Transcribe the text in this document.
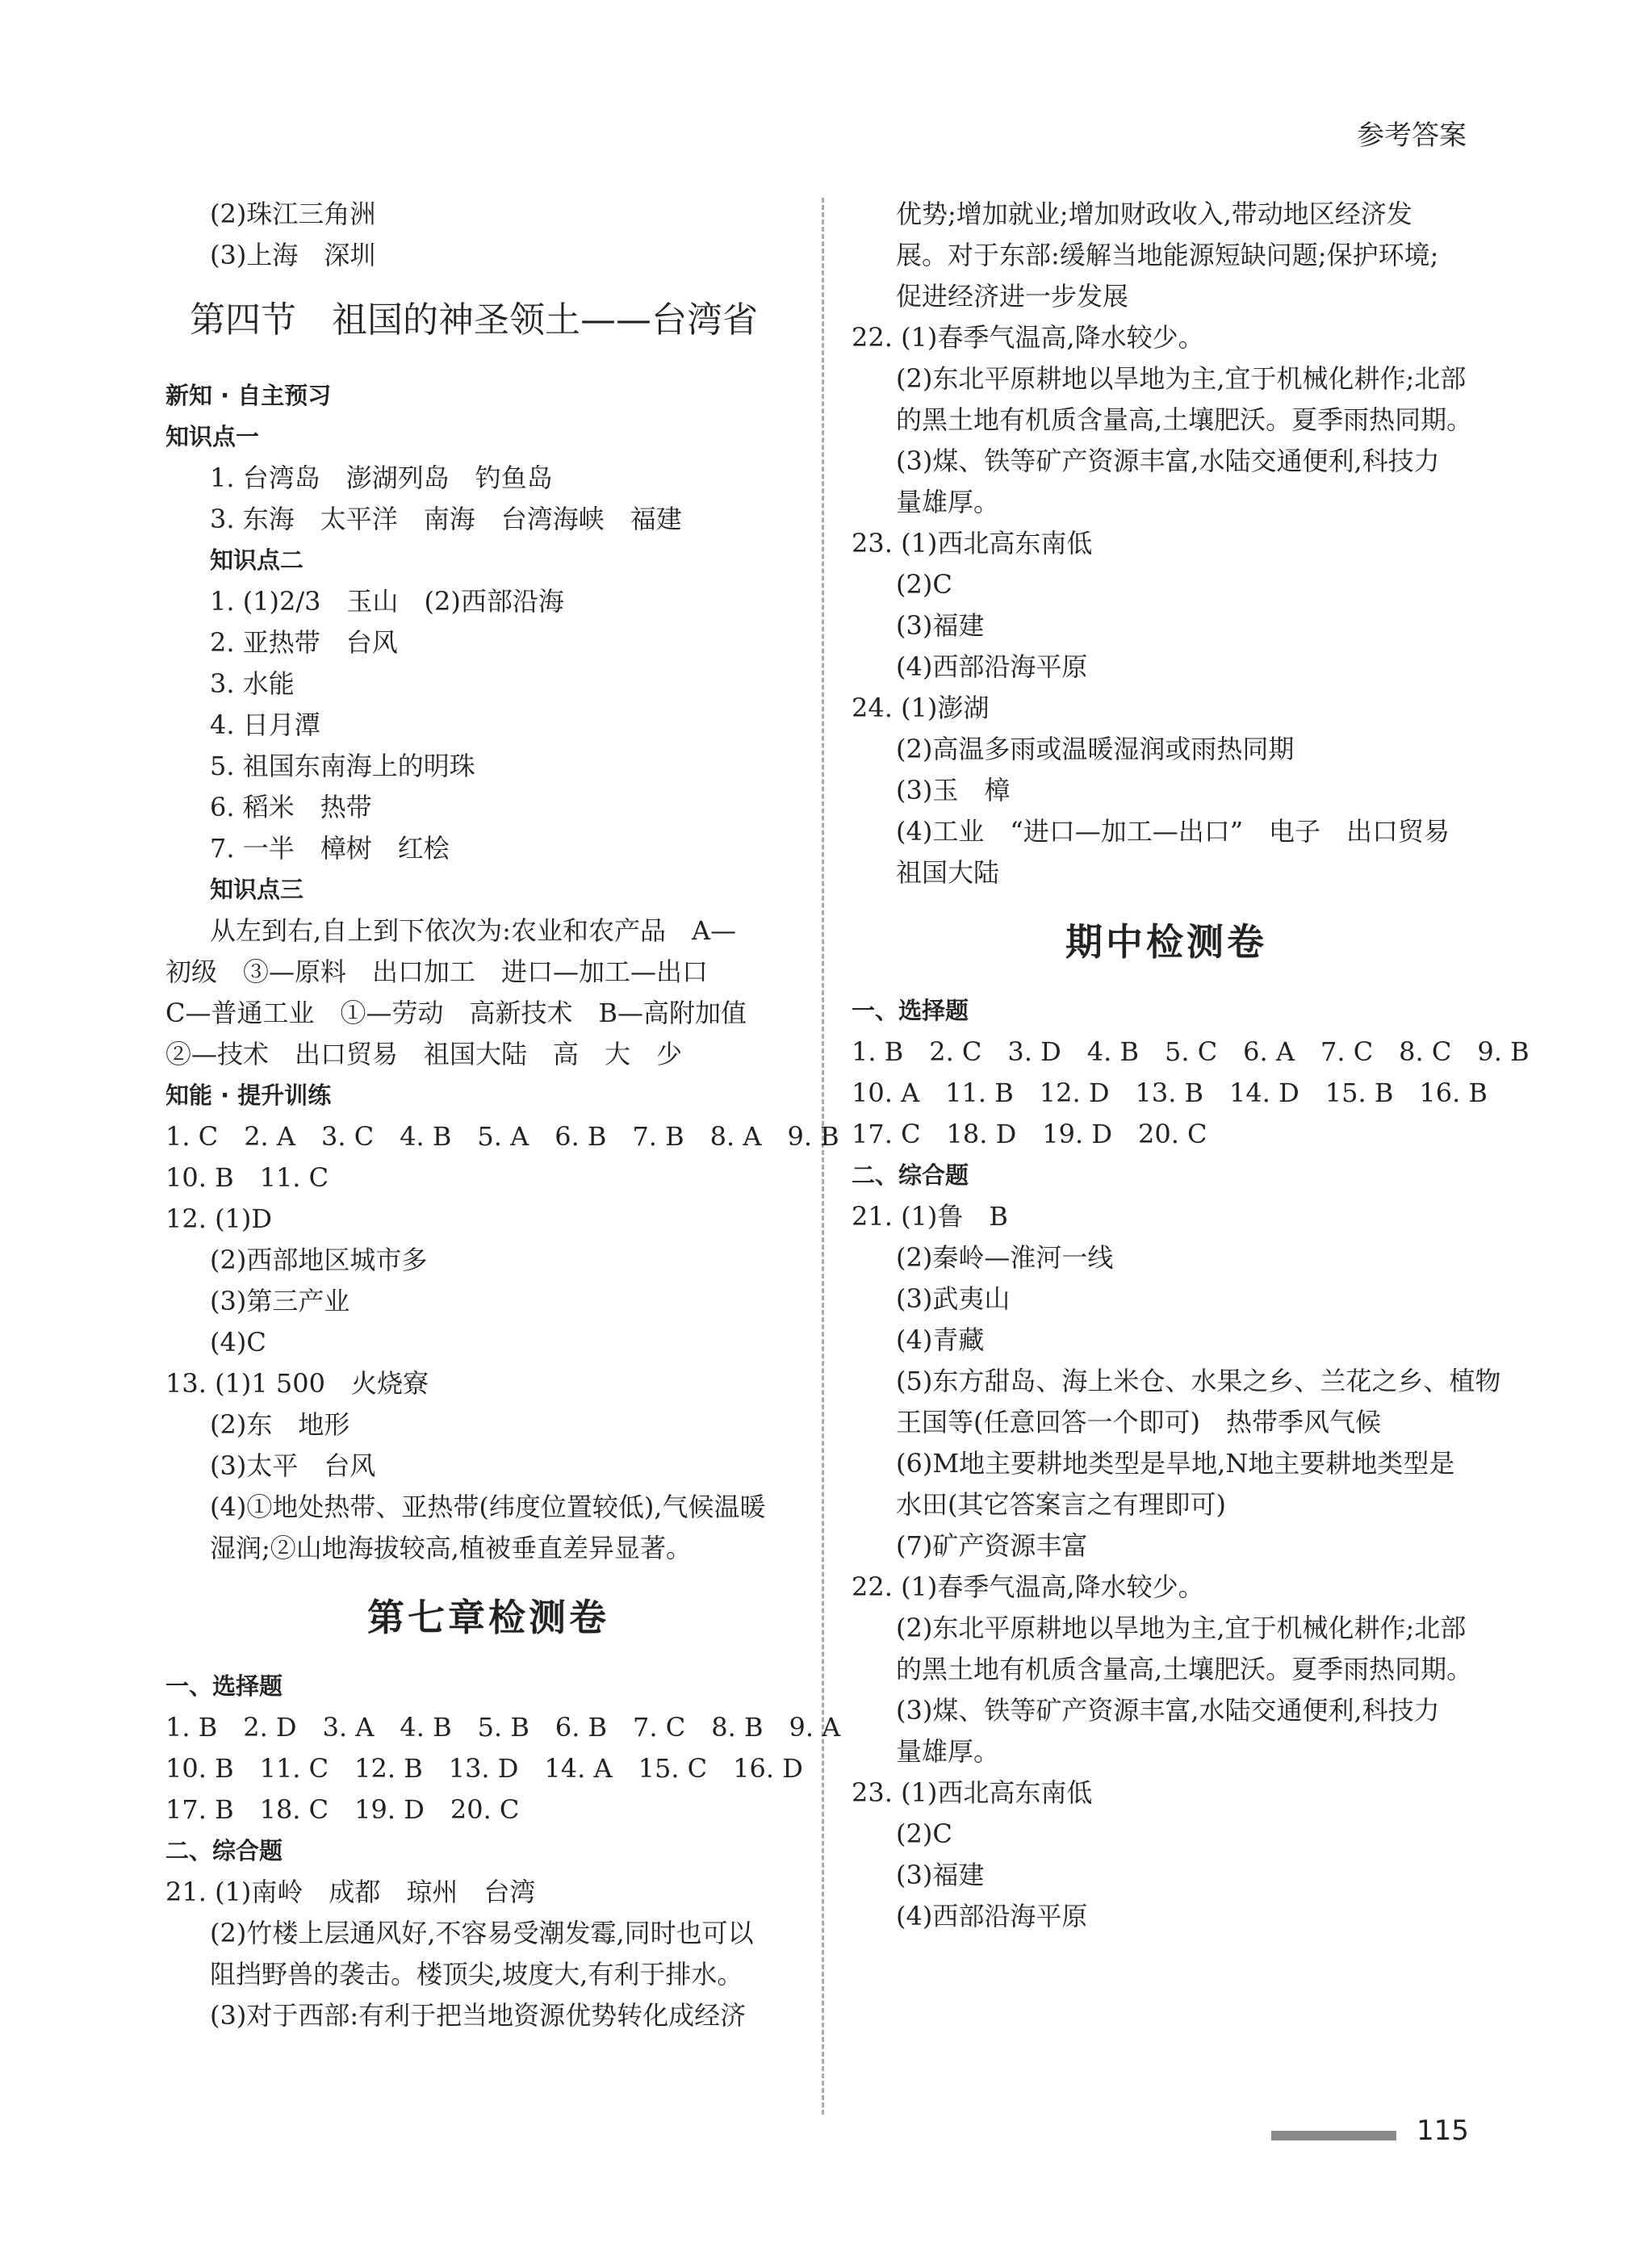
参考答案
(2)珠江三角洲
(3)上海　深圳
第四节　祖国的神圣领土——台湾省
新知 · 自主预习
知识点一
1. 台湾岛　澎湖列岛　钓鱼岛
3. 东海　太平洋　南海　台湾海峡　福建
知识点二
1. (1)2/3　玉山　(2)西部沿海
2. 亚热带　台风
3. 水能
4. 日月潭
5. 祖国东南海上的明珠
6. 稻米　热带
7. 一半　樟树　红桧
知识点三
从左到右,自上到下依次为:农业和农产品　A—
初级　③—原料　出口加工　进口—加工—出口
C—普通工业　①—劳动　高新技术　B—高附加值
②—技术　出口贸易　祖国大陆　高　大　少
知能 · 提升训练
1. C　2. A　3. C　4. B　5. A　6. B　7. B　8. A　9. B
10. B　11. C
12. (1)D
(2)西部地区城市多
(3)第三产业
(4)C
13. (1)1 500　火烧寮
(2)东　地形
(3)太平　台风
(4)①地处热带、亚热带(纬度位置较低),气候温暖
湿润;②山地海拔较高,植被垂直差异显著。
第七章检测卷
一、选择题
1. B　2. D　3. A　4. B　5. B　6. B　7. C　8. B　9. A
10. B　11. C　12. B　13. D　14. A　15. C　16. D
17. B　18. C　19. D　20. C
二、综合题
21. (1)南岭　成都　琼州　台湾
(2)竹楼上层通风好,不容易受潮发霉,同时也可以
阻挡野兽的袭击。楼顶尖,坡度大,有利于排水。
(3)对于西部:有利于把当地资源优势转化成经济
优势;增加就业;增加财政收入,带动地区经济发
展。对于东部:缓解当地能源短缺问题;保护环境;
促进经济进一步发展
22. (1)春季气温高,降水较少。
(2)东北平原耕地以旱地为主,宜于机械化耕作;北部
的黑土地有机质含量高,土壤肥沃。夏季雨热同期。
(3)煤、铁等矿产资源丰富,水陆交通便利,科技力
量雄厚。
23. (1)西北高东南低
(2)C
(3)福建
(4)西部沿海平原
24. (1)澎湖
(2)高温多雨或温暖湿润或雨热同期
(3)玉　樟
(4)工业　“进口—加工—出口”　电子　出口贸易
祖国大陆
期中检测卷
一、选择题
1. B　2. C　3. D　4. B　5. C　6. A　7. C　8. C　9. B
10. A　11. B　12. D　13. B　14. D　15. B　16. B
17. C　18. D　19. D　20. C
二、综合题
21. (1)鲁　B
(2)秦岭—淮河一线
(3)武夷山
(4)青藏
(5)东方甜岛、海上米仓、水果之乡、兰花之乡、植物
王国等(任意回答一个即可)　热带季风气候
(6)M地主要耕地类型是旱地,N地主要耕地类型是
水田(其它答案言之有理即可)
(7)矿产资源丰富
22. (1)春季气温高,降水较少。
(2)东北平原耕地以旱地为主,宜于机械化耕作;北部
的黑土地有机质含量高,土壤肥沃。夏季雨热同期。
(3)煤、铁等矿产资源丰富,水陆交通便利,科技力
量雄厚。
23. (1)西北高东南低
(2)C
(3)福建
(4)西部沿海平原
115
